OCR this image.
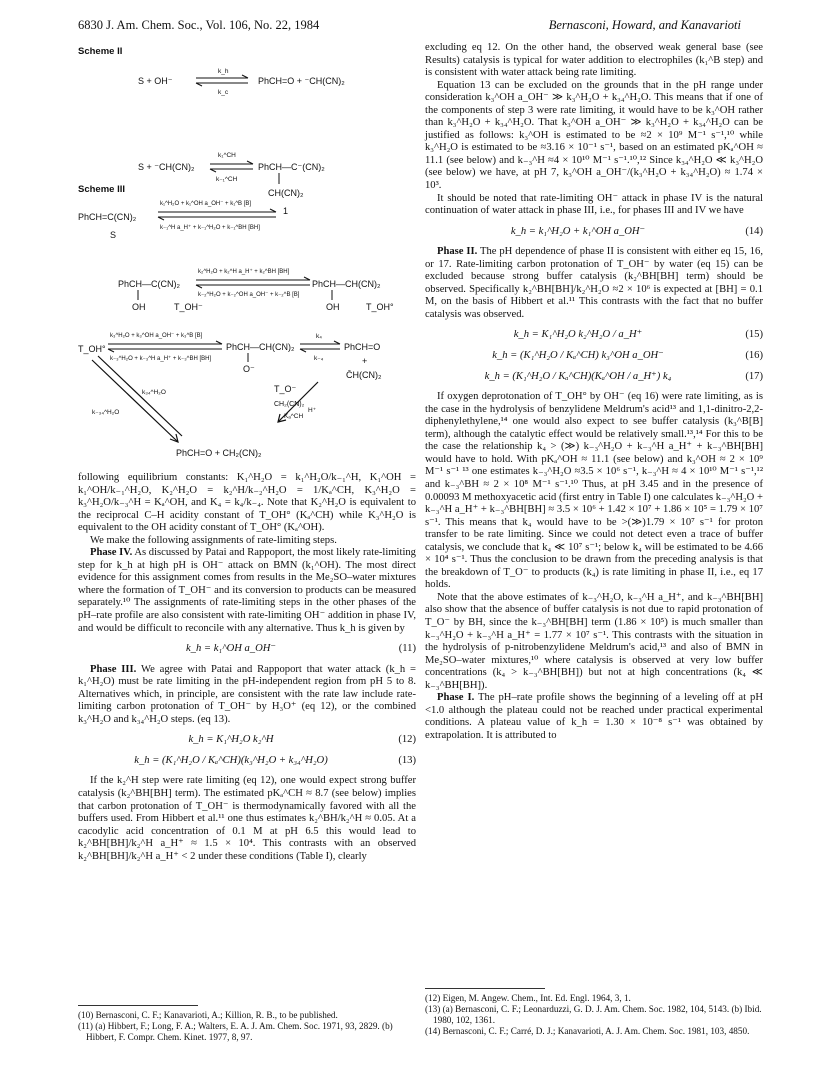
6830 J. Am. Chem. Soc., Vol. 106, No. 22, 1984	Bernasconi, Howard, and Kanavarioti
Scheme II
S + OH⁻	PhCH=O + ⁻CH(CN)₂
k_h
k_c
S + ⁻CH(CN)₂	PhCH—C⁻(CN)₂
k₁^CH
k₋₁^CH
CH(CN)₂
1
Scheme III
PhCH=C(CN)₂
S
k₁^H₂O + k₁^OH a_OH⁻ + k₁^B [B]
k₋₁^H a_H⁺ + k₋₁^H₂O + k₋₁^BH [BH]
PhCH—C(CN)₂
OH	T_OH⁻
k₂^H₂O + k₂^H a_H⁺ + k₂^BH [BH]
k₋₂^H₂O + k₋₂^OH a_OH⁻ + k₋₂^B [B]
PhCH—CH(CN)₂
OH	T_OH°
T_OH°
k₃^H₂O + k₃^OH a_OH⁻ + k₃^B [B]
k₋₃^H₂O + k₋₃^H a_H⁺ + k₋₃^BH [BH]
PhCH—CH(CN)₂
O⁻
T_O⁻
k₄
k₋₄
PhCH=O
+
C̄H(CN)₂
k₃₄^H₂O
k₋₃₄^H₂O
CH₂(CN)₂
Kₐ^CH
H⁺
PhCH=O + CH₂(CN)₂

following equilibrium constants: K₁^H₂O = k₁^H₂O/k₋₁^H, K₁^OH = k₁^OH/k₋₁^H₂O, K₂^H₂O = k₂^H/k₋₂^H₂O = 1/Kₐ^CH, K₃^H₂O = k₃^H₂O/k₋₃^H = Kₐ^OH, and K₄ = k₄/k₋₄. Note that K₂^H₂O is equivalent to the reciprocal C–H acidity constant of T_OH° (Kₐ^CH) while K₃^H₂O is equivalent to the OH acidity constant of T_OH° (Kₐ^OH).

We make the following assignments of rate-limiting steps.

Phase IV. As discussed by Patai and Rappoport, the most likely rate-limiting step for k_h at high pH is OH⁻ attack on BMN (k₁^OH). The most direct evidence for this assignment comes from results in the Me₂SO–water mixtures where the formation of T_OH⁻ and its conversion to products can be measured separately.¹⁰ The assignments of rate-limiting steps in the other phases of the pH–rate profile are also consistent with rate-limiting OH⁻ addition in phase IV, and would be difficult to reconcile with any alternative. Thus k_h is given by

k_h = k₁^OH a_OH⁻	(11)

Phase III. We agree with Patai and Rappoport that water attack (k_h = k₁^H₂O) must be rate limiting in the pH-independent region from pH 5 to 8. Alternatives which, in principle, are consistent with the rate law include rate-limiting carbon protonation of T_OH⁻ by H₃O⁺ (eq 12), or the combined k₃^H₂O and k₃₄^H₂O steps. (eq 13).

k_h = K₁^H₂O k₂^H	(12)
k_h = (K₁^H₂O / Kₐ^CH)(k₃^H₂O + k₃₄^H₂O)	(13)

If the k₂^H step were rate limiting (eq 12), one would expect strong buffer catalysis (k₂^BH[BH] term). The estimated pKₐ^CH ≈ 8.7 (see below) implies that carbon protonation of T_OH⁻ is thermodynamically favored with all the buffers used. From Hibbert et al.¹¹ one thus estimates k₂^BH/k₂^H ≈ 0.05. At a cacodylic acid concentration of 0.1 M at pH 6.5 this would lead to k₂^BH[BH]/k₂^H a_H⁺ ≈ 1.5 × 10⁴. This contrasts with an observed k₂^BH[BH]/k₂^H a_H⁺ < 2 under these conditions (Table I), clearly

excluding eq 12. On the other hand, the observed weak general base (see Results) catalysis is typical for water addition to electrophiles (k₁^B step) and is consistent with water attack being rate limiting.

Equation 13 can be excluded on the grounds that in the pH range under consideration k₃^OH a_OH⁻ ≫ k₃^H₂O + k₃₄^H₂O. This means that if one of the components of step 3 were rate limiting, it would have to be k₃^OH rather than k₃^H₂O + k₃₄^H₂O. That k₃^OH a_OH⁻ ≫ k₃^H₂O + k₃₄^H₂O can be justified as follows: k₃^OH is estimated to be ≈2 × 10⁹ M⁻¹ s⁻¹,¹⁰ while k₃^H₂O is estimated to be ≈3.16 × 10⁻¹ s⁻¹, based on an estimated pKₐ^OH ≈ 11.1 (see below) and k₋₃^H ≈4 × 10¹⁰ M⁻¹ s⁻¹.¹⁰,¹² Since k₃₄^H₂O ≪ k₃^H₂O (see below) we have, at pH 7, k₃^OH a_OH⁻/(k₃^H₂O + k₃₄^H₂O) ≈ 1.74 × 10³.

It should be noted that rate-limiting OH⁻ attack in phase IV is the natural continuation of water attack in phase III, i.e., for phases III and IV we have

k_h = k₁^H₂O + k₁^OH a_OH⁻	(14)

Phase II. The pH dependence of phase II is consistent with either eq 15, 16, or 17. Rate-limiting carbon protonation of T_OH⁻ by water (eq 15) can be excluded because strong buffer catalysis (k₂^BH[BH] term) should be observed. Specifically k₂^BH[BH]/k₂^H₂O ≈2 × 10⁶ is expected at [BH] = 0.1 M, on the basis of Hibbert et al.¹¹ This contrasts with the fact that no buffer catalysis was observed.

k_h = K₁^H₂O k₂^H₂O / a_H⁺	(15)
k_h = (K₁^H₂O / Kₐ^CH) k₃^OH a_OH⁻	(16)
k_h = (K₁^H₂O / Kₐ^CH)(Kₐ^OH / a_H⁺) k₄	(17)

If oxygen deprotonation of T_OH° by OH⁻ (eq 16) were rate limiting, as is the case in the hydrolysis of benzylidene Meldrum's acid¹³ and 1,1-dinitro-2,2-diphenylethylene,¹⁴ one would also expect to see buffer catalysis (k₃^B[B] term), although the catalytic effect would be relatively small.¹³,¹⁴ For this to be the case the relationship k₄ > (≫) k₋₃^H₂O + k₋₃^H a_H⁺ + k₋₃^BH[BH] would have to hold. With pKₐ^OH ≈ 11.1 (see below) and k₃^OH ≈ 2 × 10⁹ M⁻¹ s⁻¹ ¹³ one estimates k₋₃^H₂O ≈3.5 × 10⁶ s⁻¹, k₋₃^H ≈ 4 × 10¹⁰ M⁻¹ s⁻¹,¹² and k₋₃^BH ≈ 2 × 10⁸ M⁻¹ s⁻¹.¹⁰ Thus, at pH 3.45 and in the presence of 0.00093 M methoxyacetic acid (first entry in Table I) one calculates k₋₃^H₂O + k₋₃^H a_H⁺ + k₋₃^BH[BH] ≈ 3.5 × 10⁶ + 1.42 × 10⁷ + 1.86 × 10⁵ = 1.79 × 10⁷ s⁻¹. This means that k₄ would have to be >(≫)1.79 × 10⁷ s⁻¹ for proton transfer to be rate limiting. Since we could not detect even a trace of buffer catalysis, we conclude that k₄ ≪ 10⁷ s⁻¹; below k₄ will be estimated to be 4.66 × 10⁴ s⁻¹. Thus the conclusion to be drawn from the preceding analysis is that the breakdown of T_O⁻ to products (k₄) is rate limiting in phase II, i.e., eq 17 holds.

Note that the above estimates of k₋₃^H₂O, k₋₃^H a_H⁺, and k₋₃^BH[BH] also show that the absence of buffer catalysis is not due to rapid protonation of T_O⁻ by BH, since the k₋₃^BH[BH] term (1.86 × 10⁵) is much smaller than k₋₃^H₂O + k₋₃^H a_H⁺ = 1.77 × 10⁷ s⁻¹. This contrasts with the situation in the hydrolysis of p-nitrobenzylidene Meldrum's acid,¹³ and also of BMN in Me₂SO–water mixtures,¹⁰ where catalysis is observed at very low buffer concentrations (k₄ > k₋₃^BH[BH]) but not at high concentrations (k₄ ≪ k₋₃^BH[BH]).

Phase I. The pH–rate profile shows the beginning of a leveling off at pH <1.0 although the plateau could not be reached under practical experimental conditions. A plateau value of k_h = 1.30 × 10⁻⁸ s⁻¹ was obtained by extrapolation. It is attributed to

(10) Bernasconi, C. F.; Kanavarioti, A.; Killion, R. B., to be published.

(11) (a) Hibbert, F.; Long, F. A.; Walters, E. A. J. Am. Chem. Soc. 1971, 93, 2829. (b) Hibbert, F. Compr. Chem. Kinet. 1977, 8, 97.

(12) Eigen, M. Angew. Chem., Int. Ed. Engl. 1964, 3, 1.

(13) (a) Bernasconi, C. F.; Leonarduzzi, G. D. J. Am. Chem. Soc. 1982, 104, 5143. (b) Ibid. 1980, 102, 1361.

(14) Bernasconi, C. F.; Carré, D. J.; Kanavarioti, A. J. Am. Chem. Soc. 1981, 103, 4850.
